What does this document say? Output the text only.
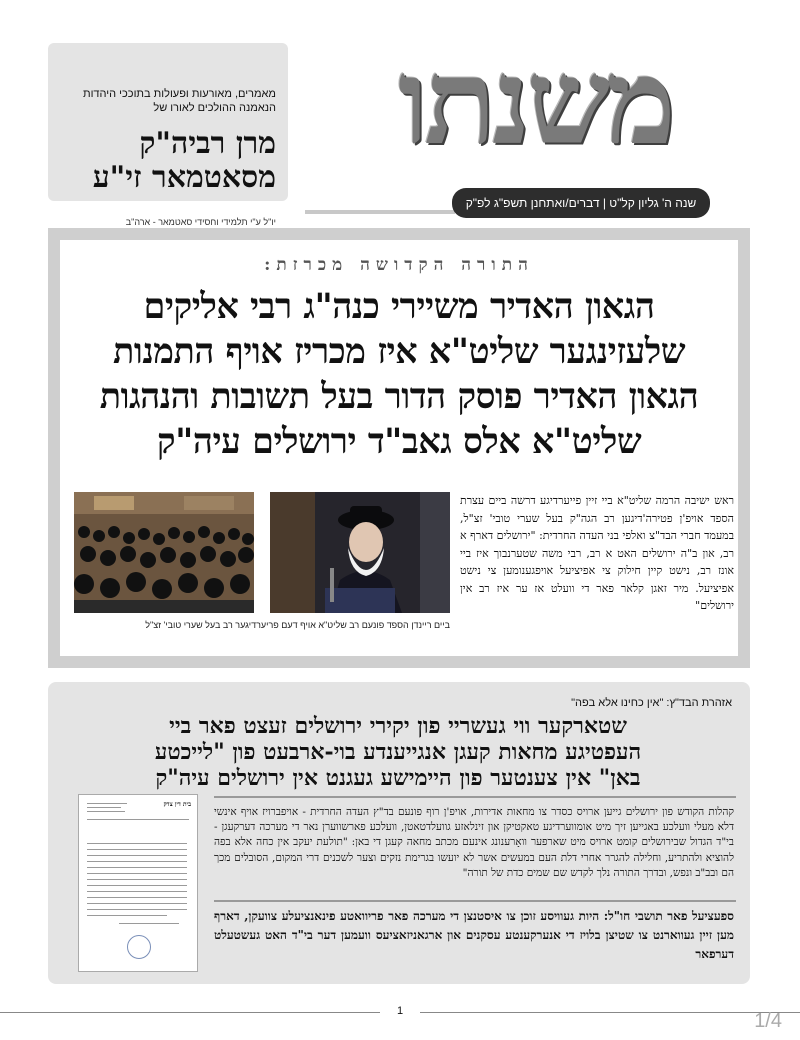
מאמרים, מאורעות ופעולות בתוככי היהדות הנאמנה ההולכים לאורו של
מרן רביה"ק מסאטמאר זי"ע
יו"ל ע"י תלמידי וחסידי סאטמאר - ארה"ב
משנתו
שנה ה' גליון קל"ט | דברים/ואתחנן תשפ"ג לפ"ק
התורה הקדושה מכרזת:
הגאון האדיר משיירי כנה"ג רבי אליקים
שלעזינגער שליט"א איז מכריז אויף התמנות
הגאון האדיר פוסק הדור בעל תשובות והנהגות
שליט"א אלס גאב"ד ירושלים עיה"ק
ראש ישיבה הרמה שליט"א ביי זיין פייערדיגע דרשה ביים עצרת הספד אויפ'ן פטירה'דיגען רב הגה"ק בעל שערי טובי' זצ"ל, במעמד חברי הבד"צ ואלפי בני העדה החרדית: "ירושלים דארף א רב, און ב"ה ירושלים האט א רב, רבי משה שטערנבוך איז ביי אונז רב, נישט קיין חילוק צי אפיציעל אויפגענומען צי נישט אפיציעל. מיר זאגן קלאר פאר די וועלט אז ער איז רב אין ירושלים"
ביים ריינדן הספד פונעם רב שליט"א אויף דעם פריערדיגער רב בעל שערי טובי' זצ"ל
אזהרת הבד"ץ: "אין כחינו אלא בפה"
שטארקער ווי געשריי פון יקירי ירושלים זעצט פאר ביי
העפטיגע מחאות קעגן אנגייענדע בוי-ארבעט פון "לייכטע
באן" אין צענטער פון היימישע געגנט אין ירושלים עיה"ק
בית דין צדק
קהלות הקודש פון ירושלים גייען ארויס כסדר צו מחאות אדירות, אויפ'ן רוף פונעם בד"ץ העדה החרדית - אויפברויז אויף אינשי דלא מעלי וועלכע באגייען זיך מיט אומווערדיגע טאקטיקן און זינלאזע גוועלדטאטן, וועלכע פארשווערן נאר די מערכה דערקעגן - בי"ד הגדול שבירושלים קומט ארויס מיט שארפער וואָרענונג אינעם מכתב מחאה קעגן די באן: "תולעת יעקב אין כחה אלא בפה להוציא ולהתריע, וחלילה להגרר אחרי דלת העם במעשים אשר לא יועשו בגרימת נזקים וצער לשכנים דרי המקום, הסובלים מכך הם ובב"ב ונפש, ובדרך התורה נלך לקדש שם שמים כדת של תורה"
ספעציעל פאר תושבי חו"ל: היות געוויסע זוכן צו איסטנצן די מערכה פאר פריוואטע פינאנציעלע צוועקן, דארף מען זיין געווארנט צו שטיצן בלויז די אנערקענטע עסקנים און ארגאניזאציעס וועמען דער בי"ד האט געשטעלט דערפאר
1	1/4
